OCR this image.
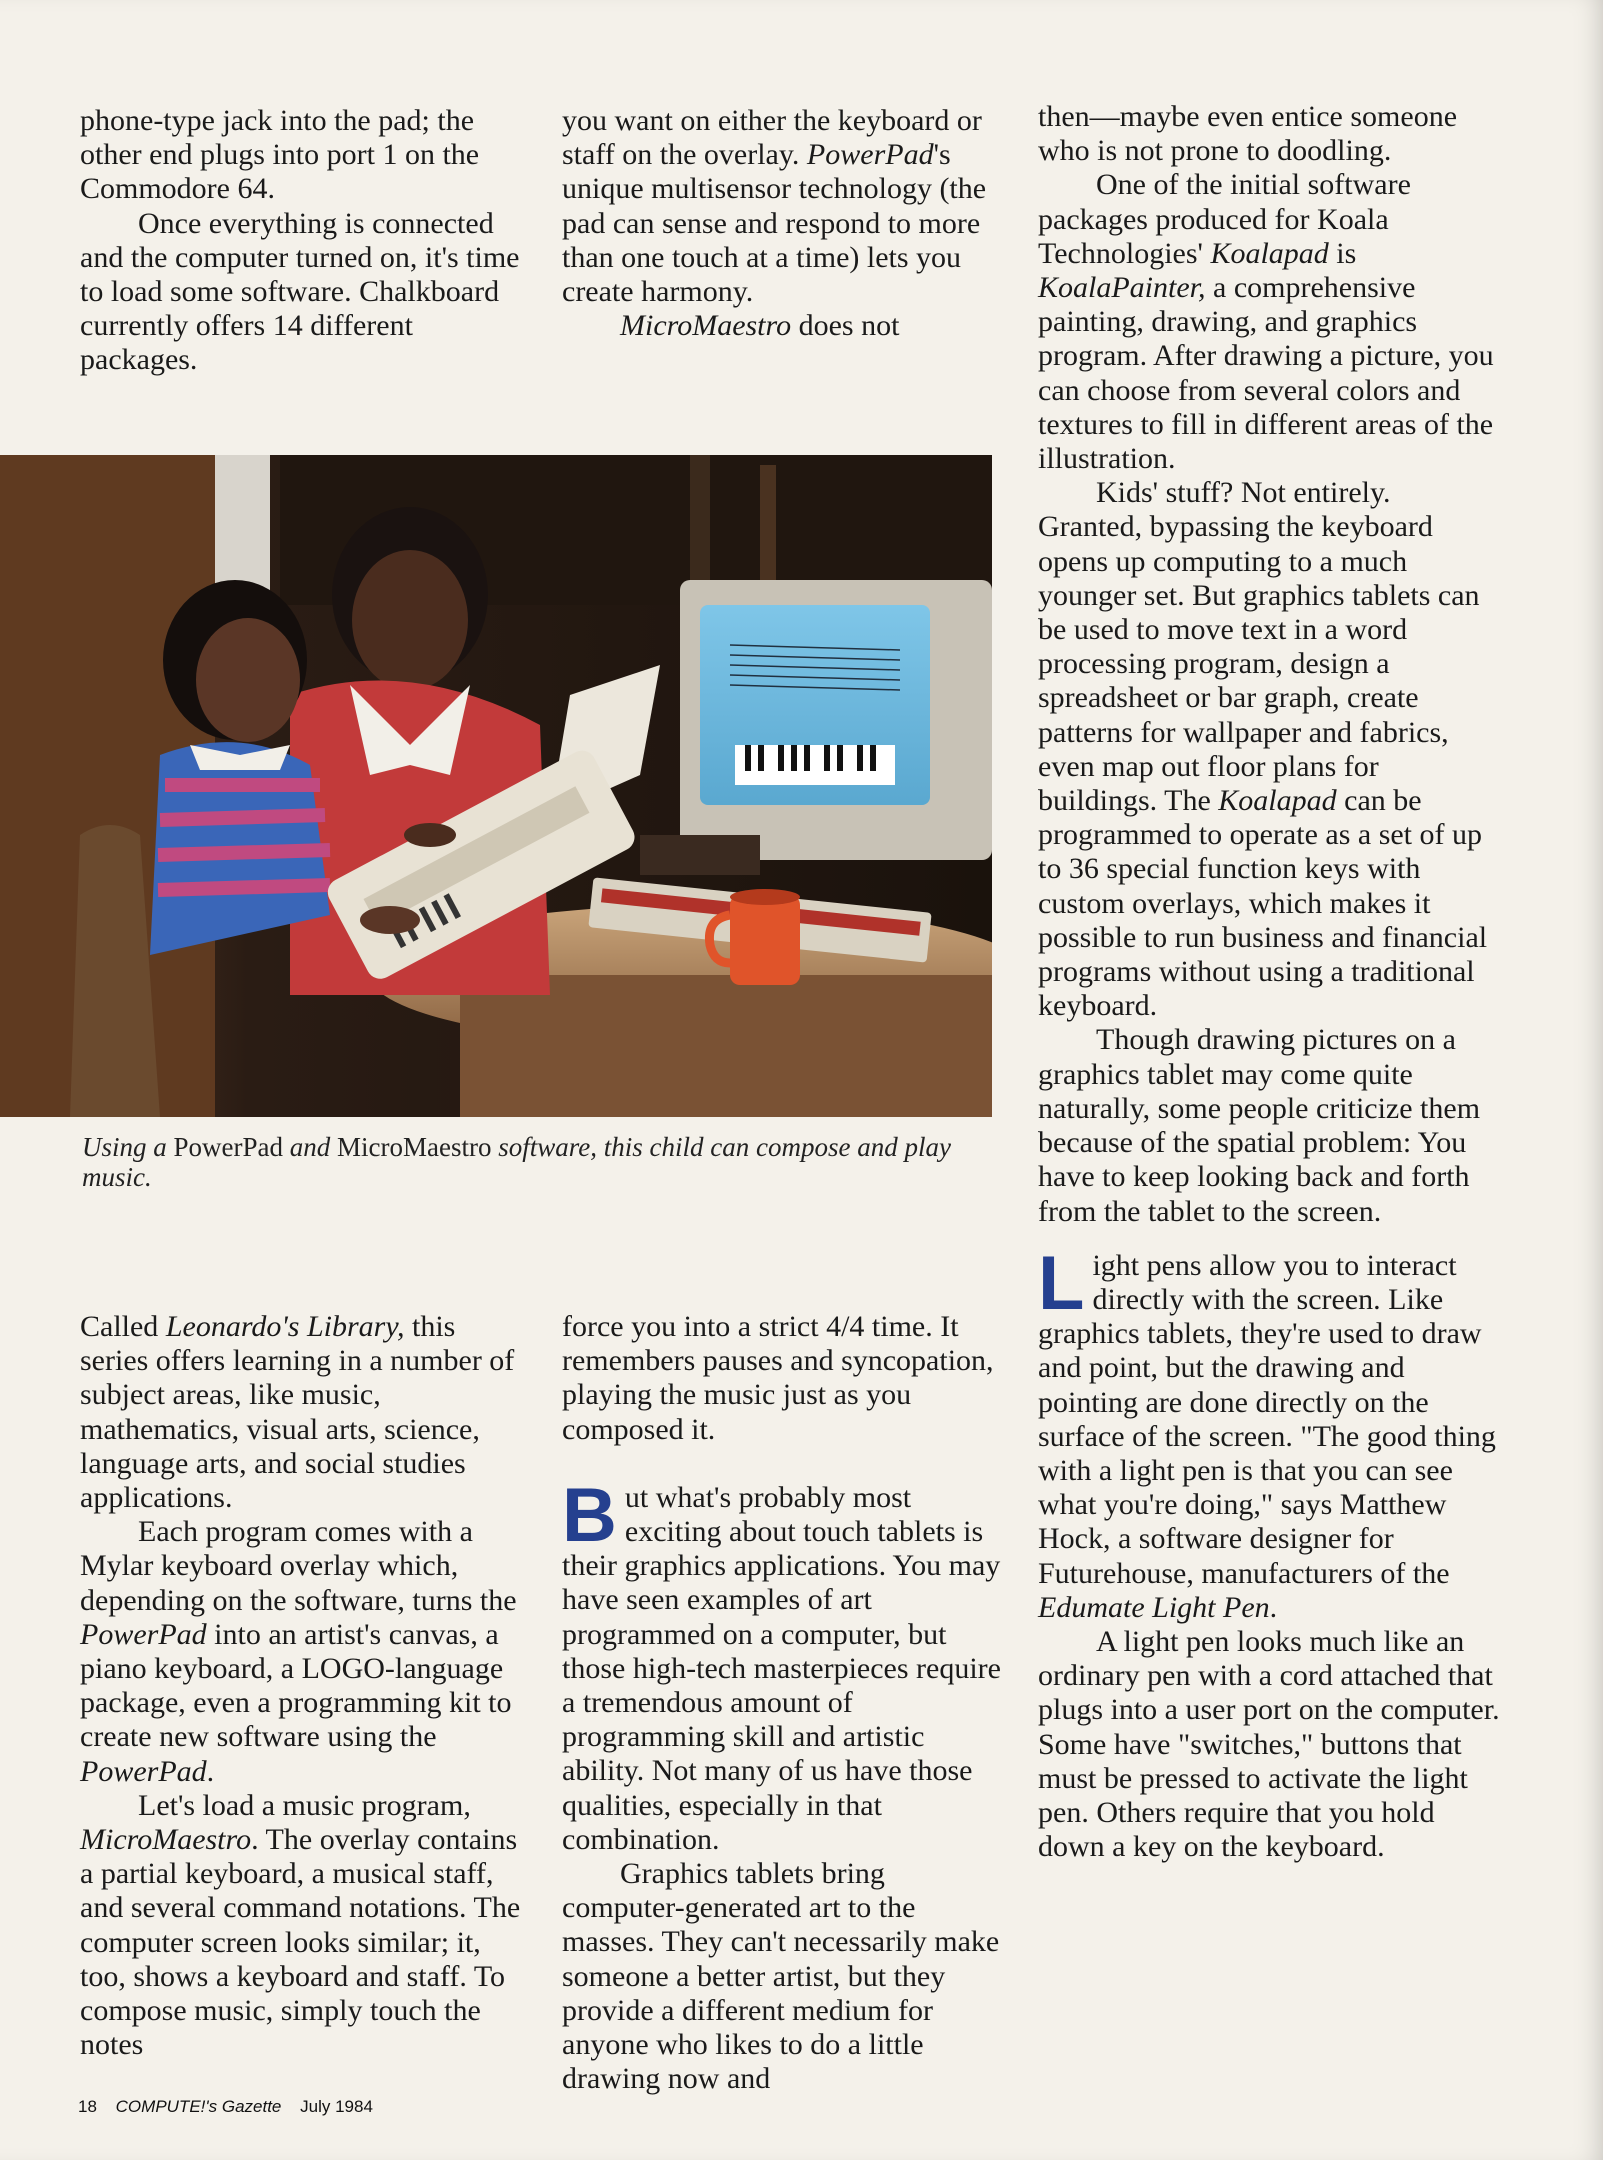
phone-type jack into the pad; the other end plugs into port 1 on the Commodore 64.

Once everything is connected and the computer turned on, it's time to load some software. Chalkboard currently offers 14 different packages.

you want on either the keyboard or staff on the overlay. PowerPad's unique multisensor technology (the pad can sense and respond to more than one touch at a time) lets you create harmony.

MicroMaestro does not

Using a PowerPad and MicroMaestro software, this child can compose and play music.

Called Leonardo's Library, this series offers learning in a number of subject areas, like music, mathematics, visual arts, science, language arts, and social studies applications.

Each program comes with a Mylar keyboard overlay which, depending on the software, turns the PowerPad into an artist's canvas, a piano keyboard, a LOGO-language package, even a programming kit to create new software using the PowerPad.

Let's load a music program, MicroMaestro. The overlay contains a partial keyboard, a musical staff, and several command notations. The computer screen looks similar; it, too, shows a keyboard and staff. To compose music, simply touch the notes

force you into a strict 4/4 time. It remembers pauses and syncopation, playing the music just as you composed it.

But what's probably most exciting about touch tablets is their graphics applications. You may have seen examples of art programmed on a computer, but those high-tech masterpieces require a tremendous amount of programming skill and artistic ability. Not many of us have those qualities, especially in that combination.

Graphics tablets bring computer-generated art to the masses. They can't necessarily make someone a better artist, but they provide a different medium for anyone who likes to do a little drawing now and

then—maybe even entice someone who is not prone to doodling.

One of the initial software packages produced for Koala Technologies' Koalapad is KoalaPainter, a comprehensive painting, drawing, and graphics program. After drawing a picture, you can choose from several colors and textures to fill in different areas of the illustration.

Kids' stuff? Not entirely. Granted, bypassing the keyboard opens up computing to a much younger set. But graphics tablets can be used to move text in a word processing program, design a spreadsheet or bar graph, create patterns for wallpaper and fabrics, even map out floor plans for buildings. The Koalapad can be programmed to operate as a set of up to 36 special function keys with custom overlays, which makes it possible to run business and financial programs without using a traditional keyboard.

Though drawing pictures on a graphics tablet may come quite naturally, some people criticize them because of the spatial problem: You have to keep looking back and forth from the tablet to the screen.

Light pens allow you to interact directly with the screen. Like graphics tablets, they're used to draw and point, but the drawing and pointing are done directly on the surface of the screen. "The good thing with a light pen is that you can see what you're doing," says Matthew Hock, a software designer for Futurehouse, manufacturers of the Edumate Light Pen.

A light pen looks much like an ordinary pen with a cord attached that plugs into a user port on the computer. Some have "switches," buttons that must be pressed to activate the light pen. Others require that you hold down a key on the keyboard.

18 COMPUTE!'s Gazette July 1984
